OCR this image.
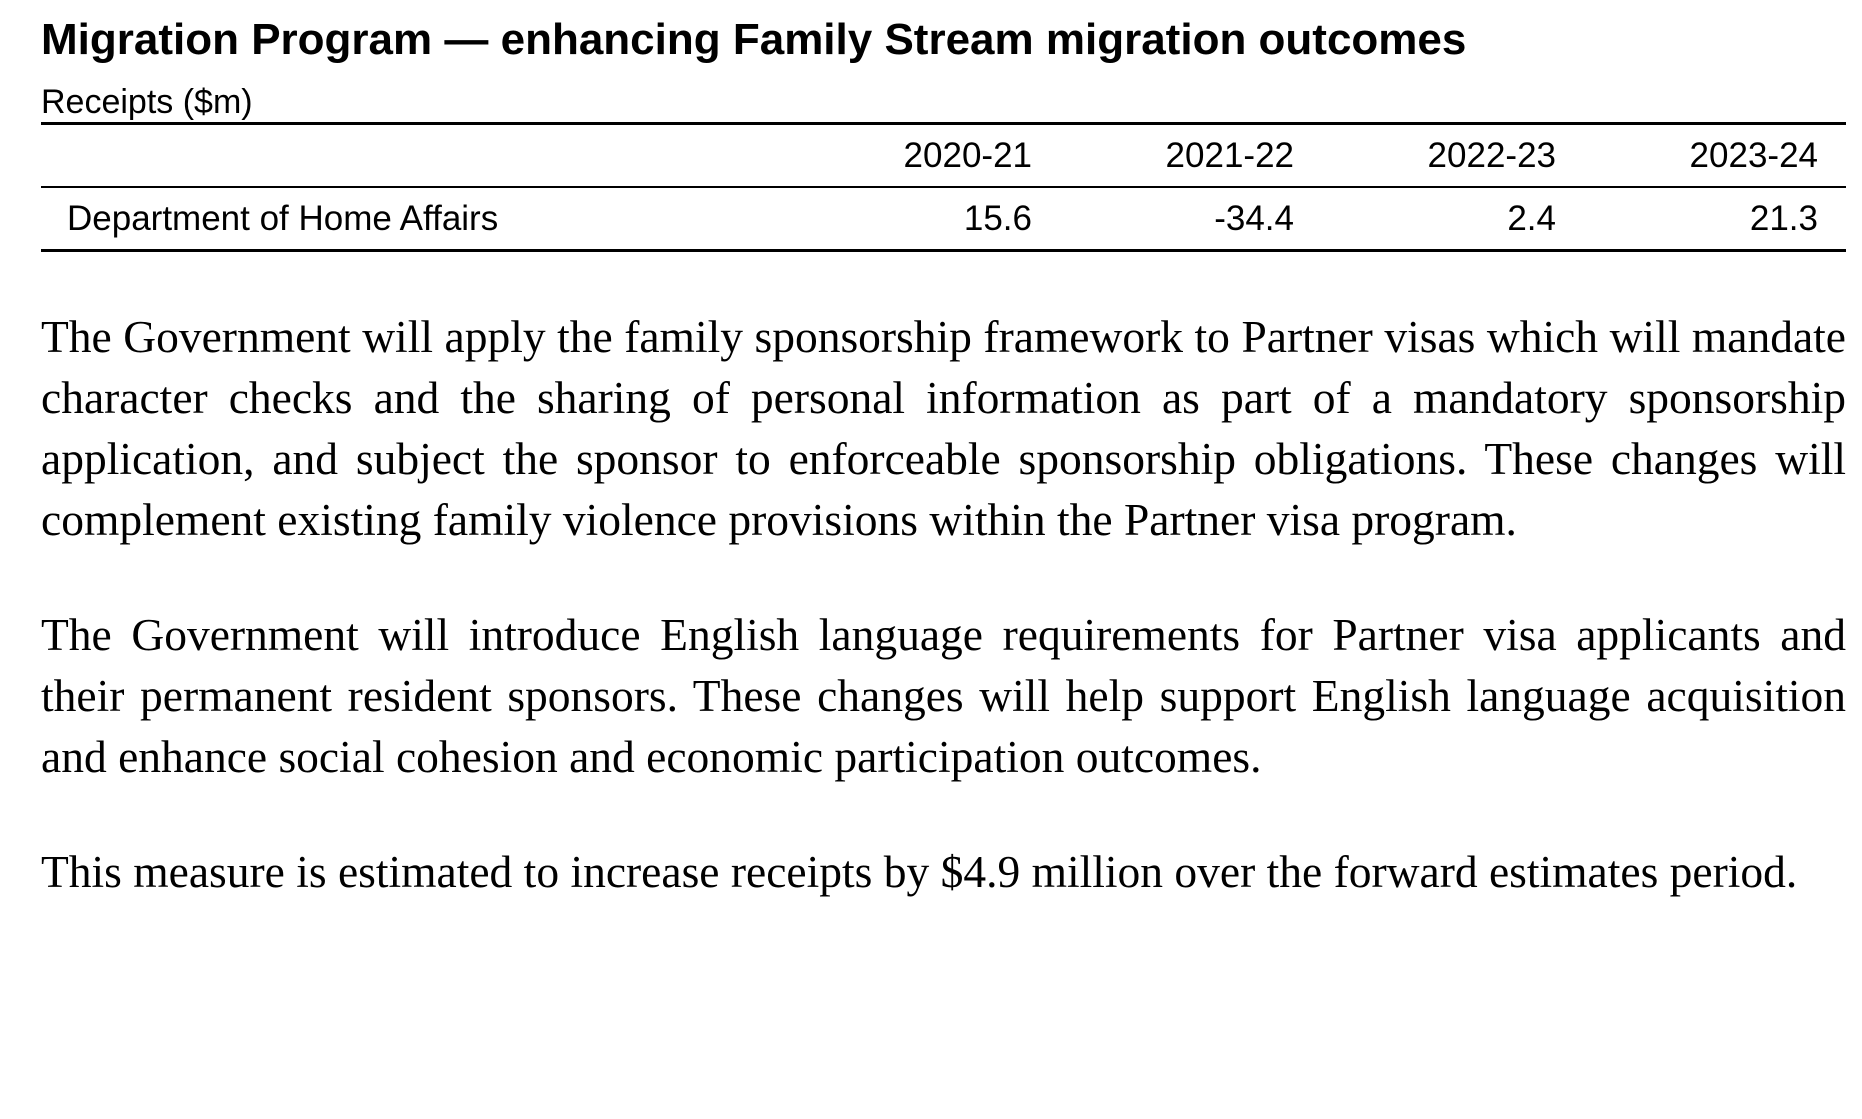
Migration Program — enhancing Family Stream migration outcomes
Receipts ($m)
	2020-21	2021-22	2022-23	2023-24
Department of Home Affairs	15.6	-34.4	2.4	21.3

The Government will apply the family sponsorship framework to Partner visas which will mandate character checks and the sharing of personal information as part of a mandatory sponsorship application, and subject the sponsor to enforceable sponsorship obligations. These changes will complement existing family violence provisions within the Partner visa program.

The Government will introduce English language requirements for Partner visa applicants and their permanent resident sponsors. These changes will help support English language acquisition and enhance social cohesion and economic participation outcomes.

This measure is estimated to increase receipts by $4.9 million over the forward estimates period.
